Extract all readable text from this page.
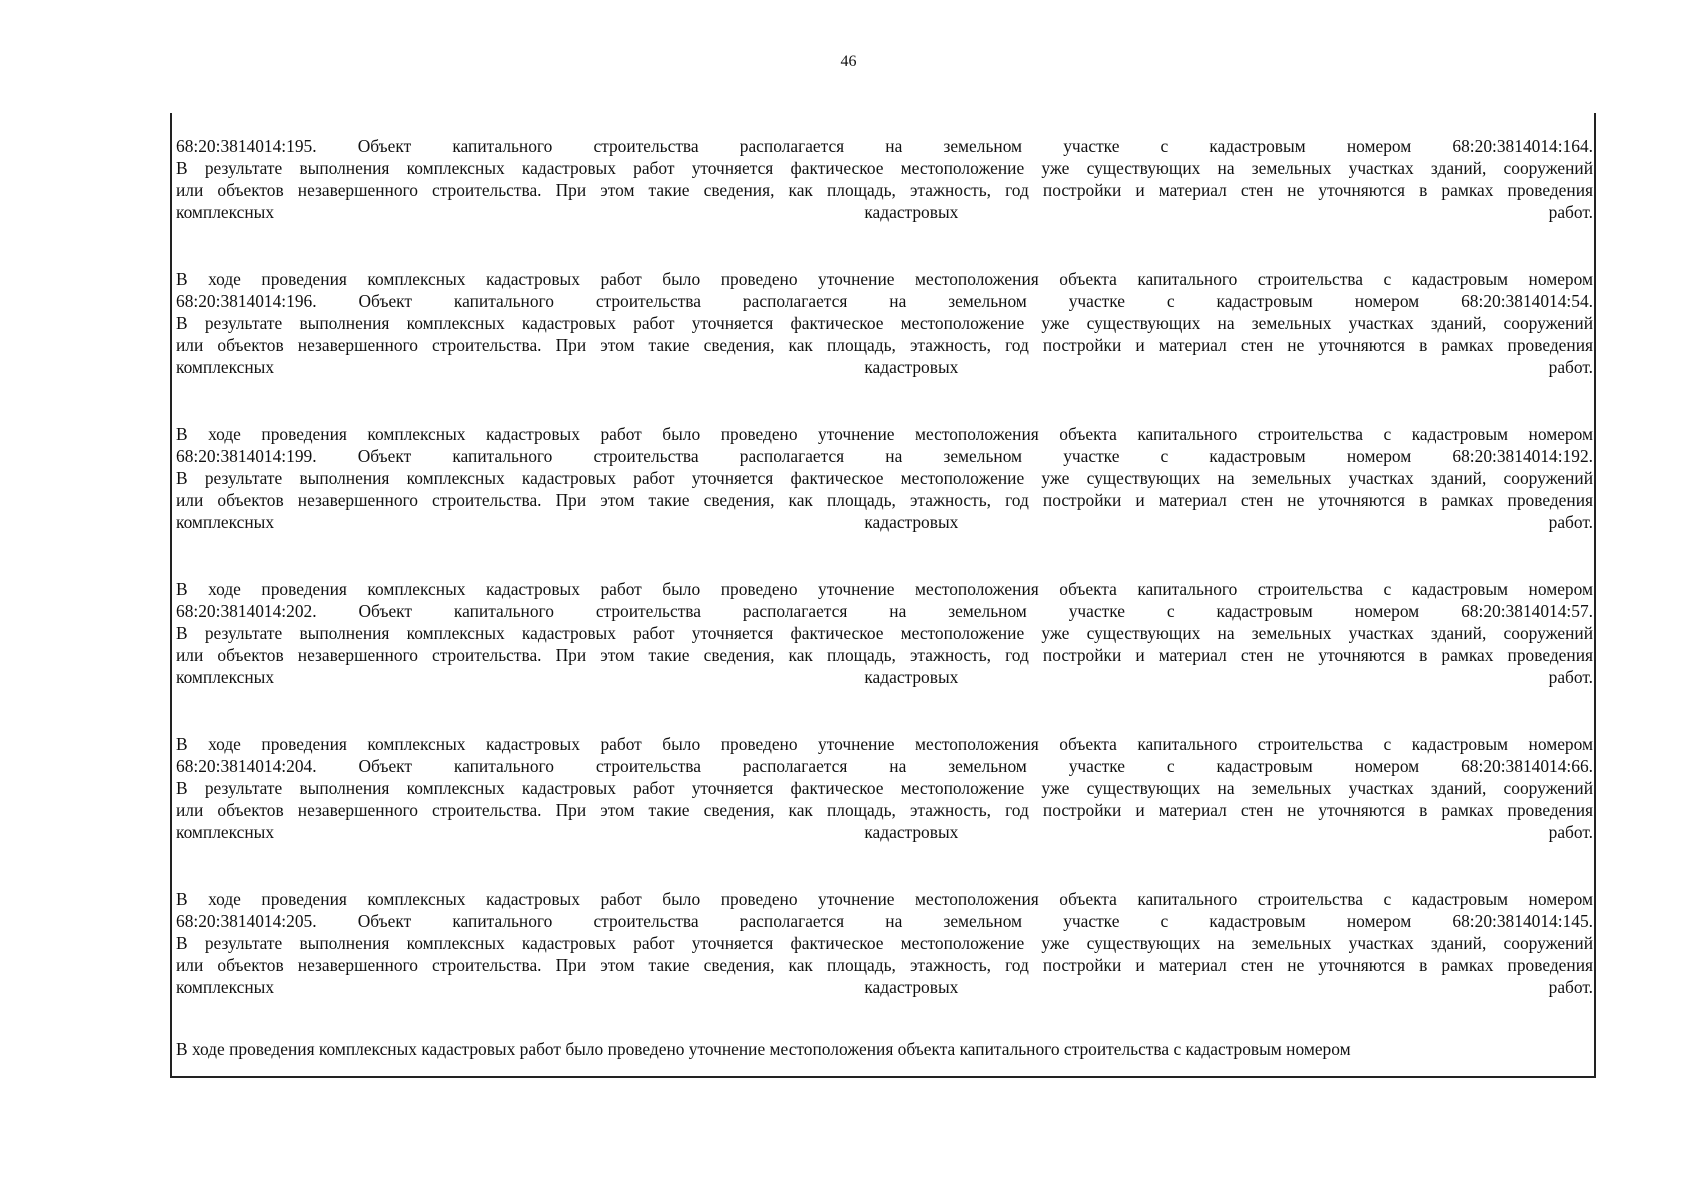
46
68:20:3814014:195. Объект капитального строительства располагается на земельном участке с кадастровым номером 68:20:3814014:164.
В результате выполнения комплексных кадастровых работ уточняется фактическое местоположение уже существующих на земельных участках зданий, сооружений
или объектов незавершенного строительства. При этом такие сведения, как площадь, этажность, год постройки и материал стен не уточняются в рамках проведения
комплексных кадастровых работ.
В ходе проведения комплексных кадастровых работ было проведено уточнение местоположения объекта капитального строительства с кадастровым номером
68:20:3814014:196. Объект капитального строительства располагается на земельном участке с кадастровым номером 68:20:3814014:54.
В результате выполнения комплексных кадастровых работ уточняется фактическое местоположение уже существующих на земельных участках зданий, сооружений
или объектов незавершенного строительства. При этом такие сведения, как площадь, этажность, год постройки и материал стен не уточняются в рамках проведения
комплексных кадастровых работ.
В ходе проведения комплексных кадастровых работ было проведено уточнение местоположения объекта капитального строительства с кадастровым номером
68:20:3814014:199. Объект капитального строительства располагается на земельном участке с кадастровым номером 68:20:3814014:192.
В результате выполнения комплексных кадастровых работ уточняется фактическое местоположение уже существующих на земельных участках зданий, сооружений
или объектов незавершенного строительства. При этом такие сведения, как площадь, этажность, год постройки и материал стен не уточняются в рамках проведения
комплексных кадастровых работ.
В ходе проведения комплексных кадастровых работ было проведено уточнение местоположения объекта капитального строительства с кадастровым номером
68:20:3814014:202. Объект капитального строительства располагается на земельном участке с кадастровым номером 68:20:3814014:57.
В результате выполнения комплексных кадастровых работ уточняется фактическое местоположение уже существующих на земельных участках зданий, сооружений
или объектов незавершенного строительства. При этом такие сведения, как площадь, этажность, год постройки и материал стен не уточняются в рамках проведения
комплексных кадастровых работ.
В ходе проведения комплексных кадастровых работ было проведено уточнение местоположения объекта капитального строительства с кадастровым номером
68:20:3814014:204. Объект капитального строительства располагается на земельном участке с кадастровым номером 68:20:3814014:66.
В результате выполнения комплексных кадастровых работ уточняется фактическое местоположение уже существующих на земельных участках зданий, сооружений
или объектов незавершенного строительства. При этом такие сведения, как площадь, этажность, год постройки и материал стен не уточняются в рамках проведения
комплексных кадастровых работ.
В ходе проведения комплексных кадастровых работ было проведено уточнение местоположения объекта капитального строительства с кадастровым номером
68:20:3814014:205. Объект капитального строительства располагается на земельном участке с кадастровым номером 68:20:3814014:145.
В результате выполнения комплексных кадастровых работ уточняется фактическое местоположение уже существующих на земельных участках зданий, сооружений
или объектов незавершенного строительства. При этом такие сведения, как площадь, этажность, год постройки и материал стен не уточняются в рамках проведения
комплексных кадастровых работ.
В ходе проведения комплексных кадастровых работ было проведено уточнение местоположения объекта капитального строительства с кадастровым номером
